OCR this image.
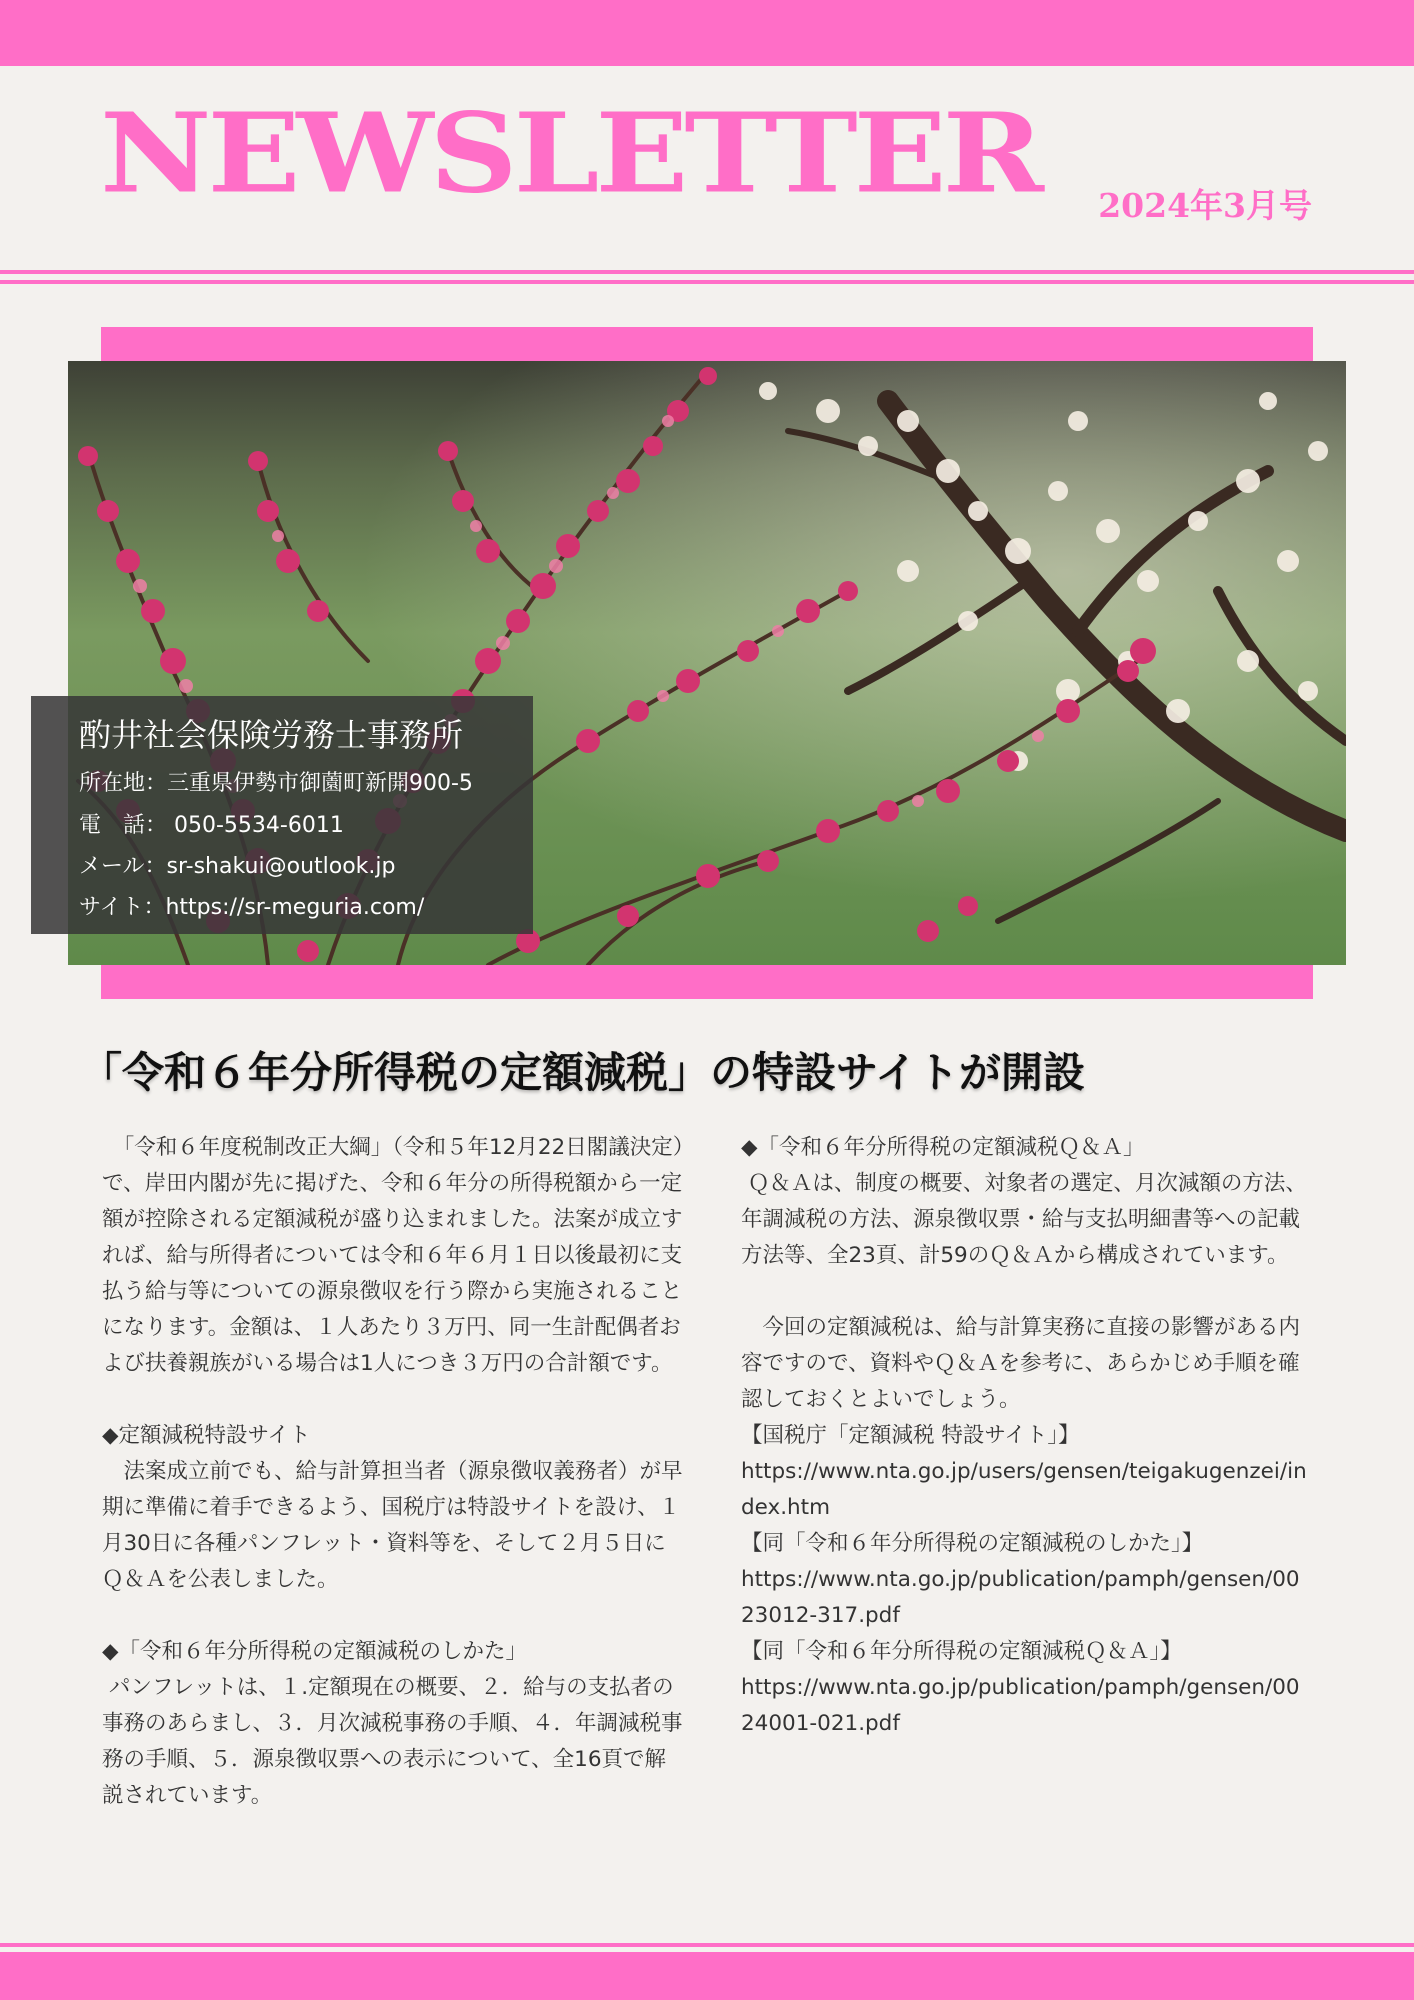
NEWSLETTER 2024年3月号
酌井社会保険労務士事務所
所在地：三重県伊勢市御薗町新開900-5
電　話： 050-5534-6011
メール：sr-shakui@outlook.jp
サイト：https://sr-meguria.com/
「令和６年分所得税の定額減税」の特設サイトが開設
　「令和６年度税制改正大綱」（令和５年12月22日閣議決定）で、岸田内閣が先に掲げた、令和６年分の所得税額から一定額が控除される定額減税が盛り込まれました。法案が成立すれば、給与所得者については令和６年６月１日以後最初に支払う給与等についての源泉徴収を行う際から実施されることになります。金額は、１人あたり３万円、同一生計配偶者および扶養親族がいる場合は1人につき３万円の合計額です。

◆定額減税特設サイト
　法案成立前でも、給与計算担当者（源泉徴収義務者）が早期に準備に着手できるよう、国税庁は特設サイトを設け、１月30日に各種パンフレット・資料等を、そして２月５日にＱ＆Ａを公表しました。

◆「令和６年分所得税の定額減税のしかた」
パンフレットは、１.定額現在の概要、２．給与の支払者の事務のあらまし、３．月次減税事務の手順、４．年調減税事務の手順、５．源泉徴収票への表示について、全16頁で解説されています。
◆「令和６年分所得税の定額減税Ｑ＆Ａ」
Ｑ＆Ａは、制度の概要、対象者の選定、月次減額の方法、年調減税の方法、源泉徴収票・給与支払明細書等への記載方法等、全23頁、計59のＱ＆Ａから構成されています。

　今回の定額減税は、給与計算実務に直接の影響がある内容ですので、資料やＱ＆Ａを参考に、あらかじめ手順を確認しておくとよいでしょう。
【国税庁「定額減税 特設サイト」】
https://www.nta.go.jp/users/gensen/teigakugenzei/index.htm
【同「令和６年分所得税の定額減税のしかた」】
https://www.nta.go.jp/publication/pamph/gensen/0023012-317.pdf
【同「令和６年分所得税の定額減税Ｑ＆Ａ」】
https://www.nta.go.jp/publication/pamph/gensen/0024001-021.pdf
